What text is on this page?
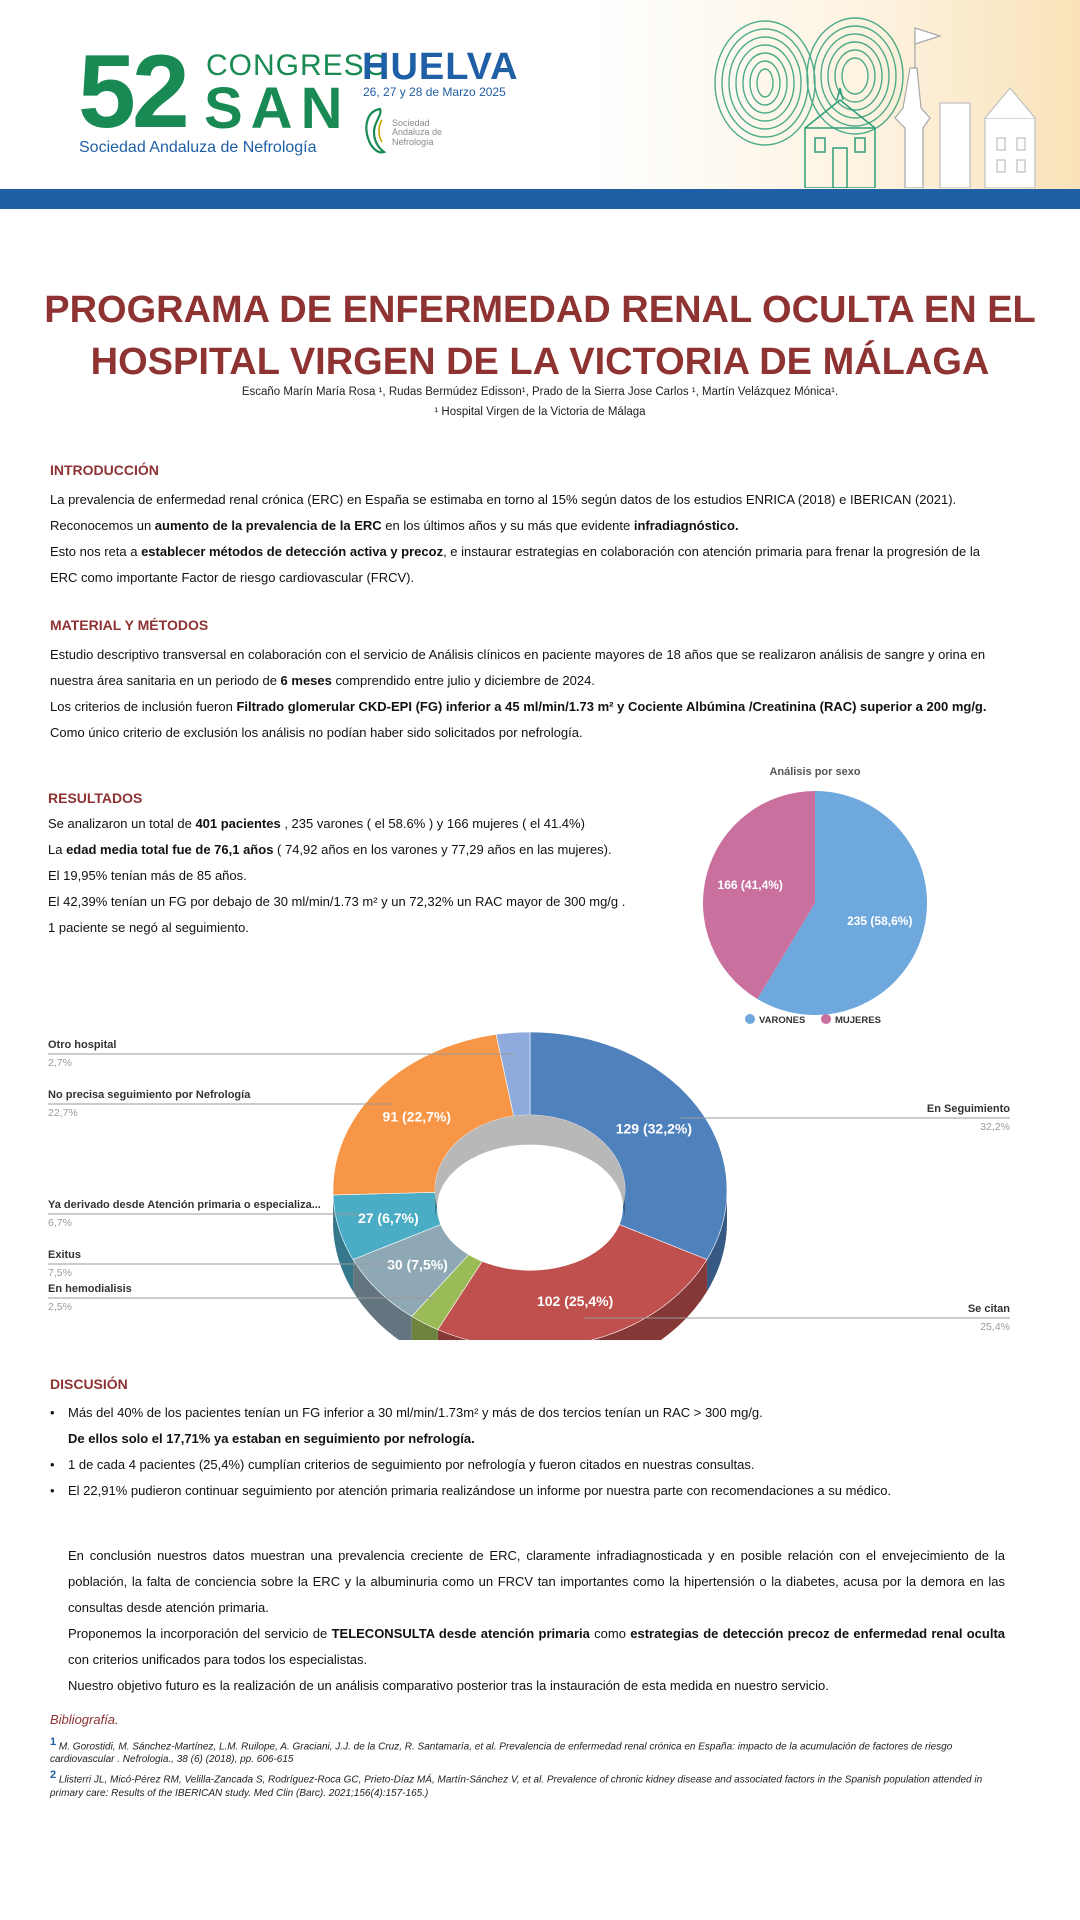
52 CONGRESO
SAN
Sociedad Andaluza de Nefrología
HUELVA
26, 27 y 28 de Marzo 2025
Sociedad
Andaluza de
Nefrología
PROGRAMA DE ENFERMEDAD RENAL OCULTA EN EL
HOSPITAL VIRGEN DE LA VICTORIA DE MÁLAGA
Escaño Marín María Rosa ¹, Rudas Bermúdez Edisson¹, Prado de la Sierra Jose Carlos ¹, Martín Velázquez Mónica¹.
¹ Hospital Virgen de la Victoria de Málaga
INTRODUCCIÓN

La prevalencia de enfermedad renal crónica (ERC) en España se estimaba en torno al 15% según datos de los estudios ENRICA (2018) e IBERICAN (2021).

Reconocemos un aumento de la prevalencia de la ERC en los últimos años y su más que evidente infradiagnóstico.

Esto nos reta a establecer métodos de detección activa y precoz, e instaurar estrategias en colaboración con atención primaria para frenar la progresión de la ERC como importante Factor de riesgo cardiovascular (FRCV).

MATERIAL Y MÉTODOS

Estudio descriptivo transversal en colaboración con el servicio de Análisis clínicos en paciente mayores de 18 años que se realizaron análisis de sangre y orina en nuestra área sanitaria en un periodo de 6 meses comprendido entre julio y diciembre de 2024.

Los criterios de inclusión fueron Filtrado glomerular CKD-EPI (FG) inferior a 45 ml/min/1.73 m² y Cociente Albúmina /Creatinina (RAC) superior a 200 mg/g.

Como único criterio de exclusión los análisis no podían haber sido solicitados por nefrología.

RESULTADOS

Se analizaron un total de 401 pacientes , 235 varones ( el 58.6% ) y 166 mujeres ( el 41.4%)

La edad media total fue de 76,1 años ( 74,92 años en los varones y 77,29 años en las mujeres).

El 19,95% tenían más de 85 años.

El 42,39% tenían un FG por debajo de 30 ml/min/1.73 m² y un 72,32% un RAC mayor de 300 mg/g .

1 paciente se negó al seguimiento.

Análisis por sexo
235 (58,6%)
166 (41,4%)
VARONES	MUJERES
129 (32,2%)
102 (25,4%)
30 (7,5%)
27 (6,7%)
91 (22,7%)	En Seguimiento
32,2%
Se citan
25,4%
En hemodialisis
2,5%
Exitus
7,5%
Ya derivado desde Atención primaria o especializa...
6,7%
No precisa seguimiento por Nefrología
22,7%
Otro hospital
2,7%
DISCUSIÓN
• Más del 40% de los pacientes tenían un FG inferior a 30 ml/min/1.73m² y más de dos tercios tenían un RAC > 300 mg/g.
De ellos solo el 17,71% ya estaban en seguimiento por nefrología.
• 1 de cada 4 pacientes (25,4%) cumplían criterios de seguimiento por nefrología y fueron citados en nuestras consultas.
• El 22,91% pudieron continuar seguimiento por atención primaria realizándose un informe por nuestra parte con recomendaciones a su médico.

En conclusión nuestros datos muestran una prevalencia creciente de ERC, claramente infradiagnosticada y en posible relación con el envejecimiento de la población, la falta de conciencia sobre la ERC y la albuminuria como un FRCV tan importantes como la hipertensión o la diabetes, acusa por la demora en las consultas desde atención primaria.

Proponemos la incorporación del servicio de TELECONSULTA desde atención primaria como estrategias de detección precoz de enfermedad renal oculta con criterios unificados para todos los especialistas.

Nuestro objetivo futuro es la realización de un análisis comparativo posterior tras la instauración de esta medida en nuestro servicio.

Bibliografía.
1 M. Gorostidi, M. Sánchez-Martínez, L.M. Ruilope, A. Graciani, J.J. de la Cruz, R. Santamaría, et al. Prevalencia de enfermedad renal crónica en España: impacto de la acumulación de factores de riesgo cardiovascular . Nefrologia., 38 (6) (2018), pp. 606-615
2 Llisterri JL, Micó-Pérez RM, Velilla-Zancada S, Rodríguez-Roca GC, Prieto-Díaz MÁ, Martín-Sánchez V, et al. Prevalence of chronic kidney disease and associated factors in the Spanish population attended in primary care: Results of the IBERICAN study. Med Clin (Barc). 2021;156(4):157-165.)
